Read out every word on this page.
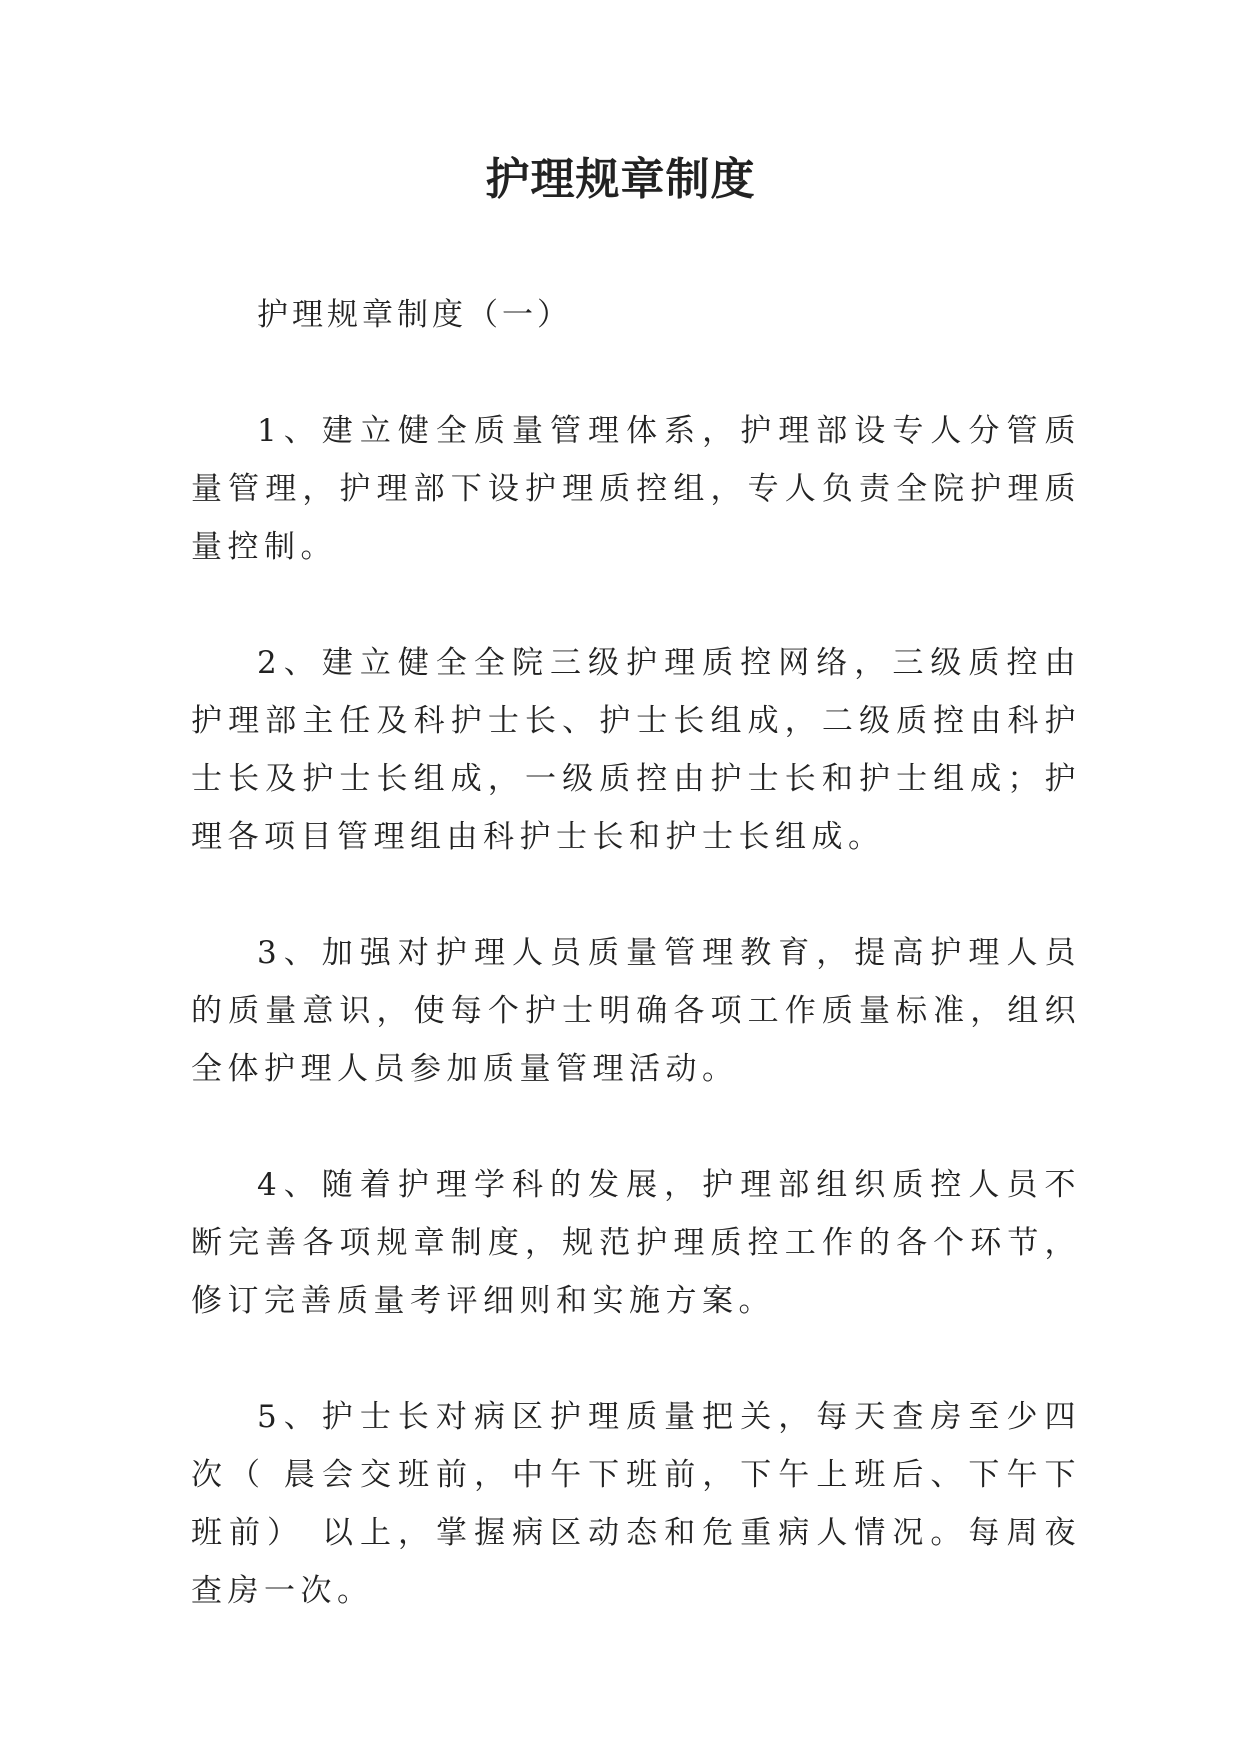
护理规章制度

护理规章制度（一）

1、建立健全质量管理体系，护理部设专人分管质量管理，护理部下设护理质控组，专人负责全院护理质量控制。

2、建立健全全院三级护理质控网络，三级质控由护理部主任及科护士长、护士长组成，二级质控由科护士长及护士长组成，一级质控由护士长和护士组成；护理各项目管理组由科护士长和护士长组成。

3、加强对护理人员质量管理教育，提高护理人员的质量意识，使每个护士明确各项工作质量标准，组织全体护理人员参加质量管理活动。

4、随着护理学科的发展，护理部组织质控人员不断完善各项规章制度，规范护理质控工作的各个环节，修订完善质量考评细则和实施方案。

5、护士长对病区护理质量把关，每天查房至少四次（ 晨会交班前，中午下班前，下午上班后、下午下班前） 以上，掌握病区动态和危重病人情况。每周夜查房一次。
